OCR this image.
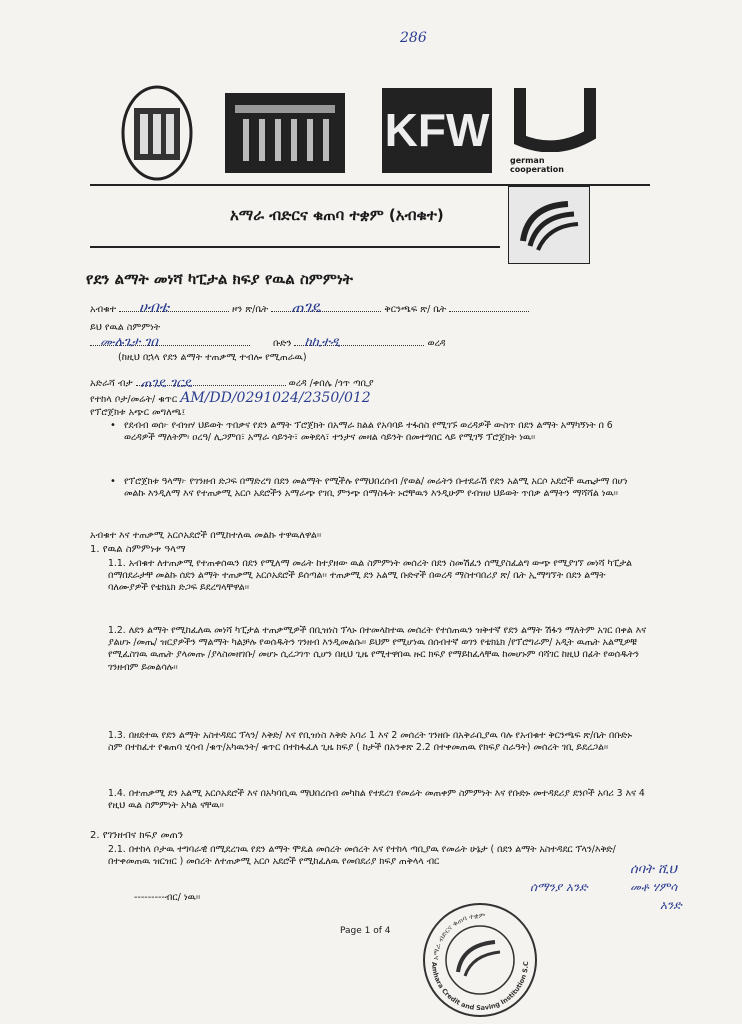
286
KFW
german cooperation
አማራ ብድርና ቁጠባ ተቋም (አብቁተ)
የደን ልማት መነሻ ካፒታል ክፍያ የዉል ስምምነት
አብቁተ ሀብቴ	ዞን ጽ/ቤት ጠገዴ	ቅርንጫፍ ጽ/ ቤት
ይህ የዉል ስምምነት
ሙሉጌታ ገበ	ቡድን ከኪተዲ	ወረዳ
(ከዚህ በኋላ የደን ልማት ተጠቃሚ ተብሎ የሚጠራዉ)
አድራሻ ብታ ጠገዴ ገርዴ	ወረዳ /ቀበሌ /ጎጥ ጣቢያ
የተከላ ቦታ/መሬት/ ቁጥር AM/DD/0291024/2350/012
የፕሮጀክቱ አጭር መግለጫ፤
• የደብብ ወሰ፦ የብዝሃ ህይወት ጥበቃና የደን ልማት ፕሮጀክት በአማራ ክልል የአባባይ ተፋሰስ የሚገኙ ወረዳዎች ውስጥ በደን ልማት አማካኝነት በ 6 ወረዳዎች ማለትም፡ ዐረዓ/ ሊጋምበ፣ አማራ ሳይንት፣ መቅደላ፣ ተንታና መዛል ሳይንት በመተግበር ላይ የሚገኝ ፕሮጀክት ነዉ፡፡
• የፕሮጀክቱ ዓላማ፦ የገንዘብ ድጋፍ በማድረግ በደን መልማት የሚችሉ የማህበረሰብ /የወል/ መሬትን ቡተደራሽ የደን አልሚ አርሶ አደሮች ዉጤታማ በሆነ መልኩ እንዲለማ እና የተጠቃሚ አርሶ አደሮችን አማራጭ የገቢ ምንጭ በማስፋት ኑሮቸዉን እንዲሁም የብዝሀ ህይወት ጥበቃ ልማትን ማሻሻል ነዉ፡፡
አብቁተ እና ተጠቃሚ አርሶአደሮች በሚከተለዉ መልኩ ተዋዉለዋል፡፡
1. የዉል ስምምነቱ ዓላማ
1.1. አብቁተ ለተጠቃሚ የተጠቀሰዉን በደን የሚለማ መሬት ከተያዘው ዉል ስምምነት መሰረት በደን ስመሽፈን ሰሚያስፈልግ ውጭ የሚያገኘ መነሻ ካፒታል በማበደራታቸ መልኩ ሰደን ልማት ተጠቃሚ አርሶአደሮች ይሰጣል፡፡ ተጠቃሚ ደን አልሚ ቡድኖች በወረዳ ማስተባበሪያ ጽ/ ቤት ኢማግኘት በደን ልማት ባለሙያዎች የቴክኒክ ድጋፍ ይደረግላቸዋል፡፡
1.2. ለደን ልማት የሚከፈለዉ መነሻ ካፒታል ተጠቃሚዎች በቢዝነስ ፕላኑ በተመላከተዉ መሰረት የተሰጠዉን ዝቅተኛ የደን ልማት ሽፋን ማለትም አገር በቀል እና ያልሆኑ /መጤ/ ዝርያዎችን ማልማት ካልቻሉ የወሰዱትን ገንዘብ እንዲመልሱ፡፡ ይህም የሚሆነዉ በሰብተኛ ወገን የቴክኒክ /የፕሮግራም/ አዲት ዉጤት አልሚዎቹ የሚፈስገዉ ዉጤት ያላመጡ /ያላስመዘገቡ/ መሆኑ ሲረጋገጥ ሲሆን በዚህ ጊዜ የሚተዋበዉ ዙር ክፍያ የማይከፈላቸዉ ከመሆኑም ባሻገር ከዚህ በፊት የወሰዱትን ገንዘብም ይመልሳሉ፡፡
1.3. በዘደተዉ የደን ልማት አስተዳደር ፕላን/ እቅድ/ እና የቢዝነስ እቅድ አባሪ 1 እና 2 መሰረት ገንዘቡ በአቅራቢያዉ ባሉ የአብቁተ ቅርንጫፍ ጽ/ቤት በቡድኑ ስም በተከፈተ የቁጠባ ሂሳብ /ቁጥ/አካዉንት/ ቁጥር በተከፋፈለ ጊዜ ክፍያ ( ከታች በአንቀጽ 2.2 በተቀመጠዉ የክፍያ ስራዓት) መሰረት ገቢ ይደረጋል፡፡
1.4. በተጠቃሚ ደን አልሚ አርሶአደሮች እና በአካባቢዉ ማህበረሰብ መካከል የተደረገ የመሬት መጠቀም ስምምነት እና የቡድኑ መተዳደሪያ ደንቦች አባሪ 3 እና 4 የዚህ ዉል ስምምነት አካል ናቸዉ፡፡
2. የገንዘብና ክፍያ መጠን
2.1. በተከላ ቦታዉ ተግባራዊ በሚደረገዉ የደን ልማት ሞዴል መሰረት መሰረት እና የተከላ ጣቢያዉ የመሬት ሁኔታ ( በደን ልማት አስተዳደር ፕላን/እቅድ/ በተቀመጠዉ ዝርዝር ) መሰረት ለተጠቃሚ አርሶ አደሮች የሚከፈለዉ የመበደሪያ ክፍያ ጠቅላላ ብር
---------ብር/ ነዉ፡፡
ሰባት ሺህ
ሰማንያ አንድ	መቶ ሃምሳ
አንድ
Page 1 of 4
አማራ ብድርና ቁጠባ ተቋም
Amhara Credit and Saving Institution S.C
